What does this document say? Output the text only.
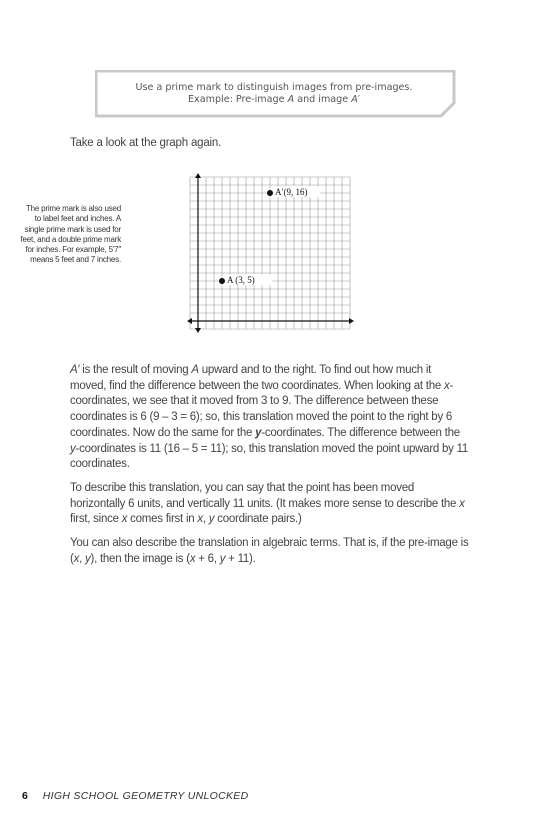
Use a prime mark to distinguish images from pre-images.
Example: Pre-image A and image A′
Take a look at the graph again.
The prime mark is also used to label feet and inches. A single prime mark is used for feet, and a double prime mark for inches. For example, 5′7″ means 5 feet and 7 inches.
A (3, 5)
A′(9, 16)

A′ is the result of moving A upward and to the right. To find out how much it moved, find the difference between the two coordinates. When looking at the x-coordinates, we see that it moved from 3 to 9. The difference between these coordinates is 6 (9 – 3 = 6); so, this translation moved the point to the right by 6 coordinates. Now do the same for the y-coordinates. The difference between the y-coordinates is 11 (16 – 5 = 11); so, this translation moved the point upward by 11 coordinates.

To describe this translation, you can say that the point has been moved horizontally 6 units, and vertically 11 units. (It makes more sense to describe the x first, since x comes first in x, y coordinate pairs.)

You can also describe the translation in algebraic terms. That is, if the pre-image is (x, y), then the image is (x + 6, y + 11).

6 HIGH SCHOOL GEOMETRY UNLOCKED
